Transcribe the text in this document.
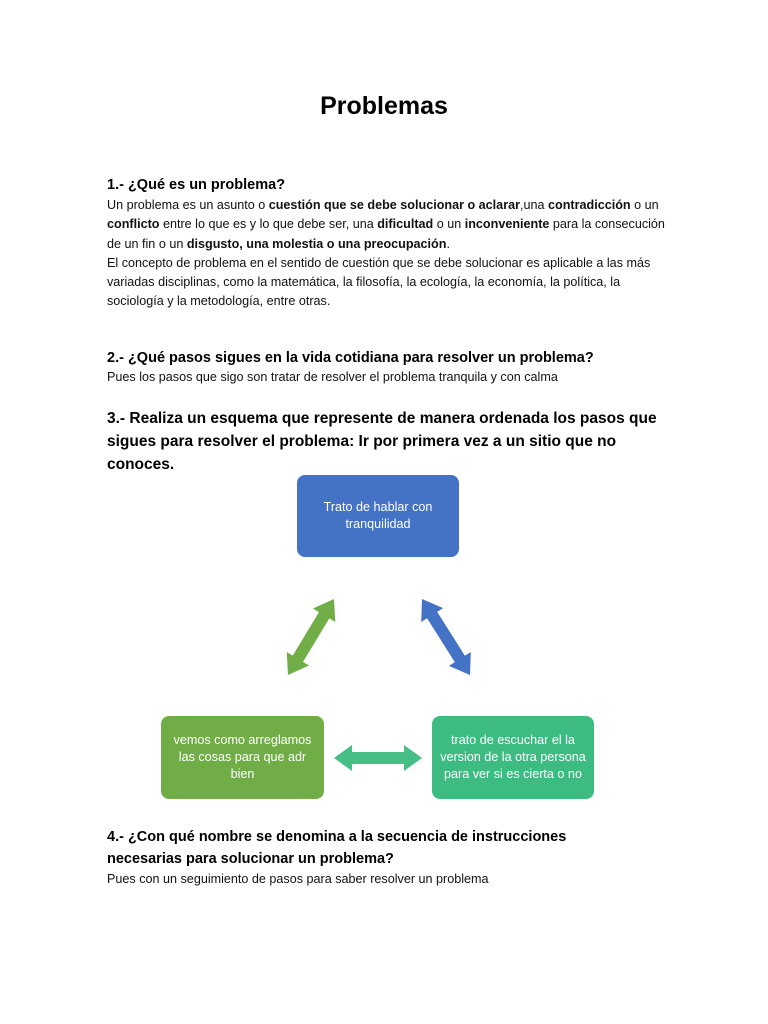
Problemas

1.- ¿Qué es un problema?

Un problema es un asunto o cuestión que se debe solucionar o aclarar,una contradicción o un conflicto entre lo que es y lo que debe ser, una dificultad o un inconveniente para la consecución de un fin o un disgusto, una molestia o una preocupación.

El concepto de problema en el sentido de cuestión que se debe solucionar es aplicable a las más variadas disciplinas, como la matemática, la filosofía, la ecología, la economía, la política, la sociología y la metodología, entre otras.

2.- ¿Qué pasos sigues en la vida cotidiana para resolver un problema?

Pues los pasos que sigo son tratar de resolver el problema tranquila y con calma

3.- Realiza un esquema que represente de manera ordenada los pasos que sigues para resolver el problema: Ir por primera vez a un sitio que no conoces.

Trato de hablar con tranquilidad
vemos como arreglamos las cosas para que adr bien
trato de escuchar el la version de la otra persona para ver si es cierta o no

4.- ¿Con qué nombre se denomina a la secuencia de instrucciones necesarias para solucionar un problema?

Pues con un seguimiento de pasos para saber resolver un problema
